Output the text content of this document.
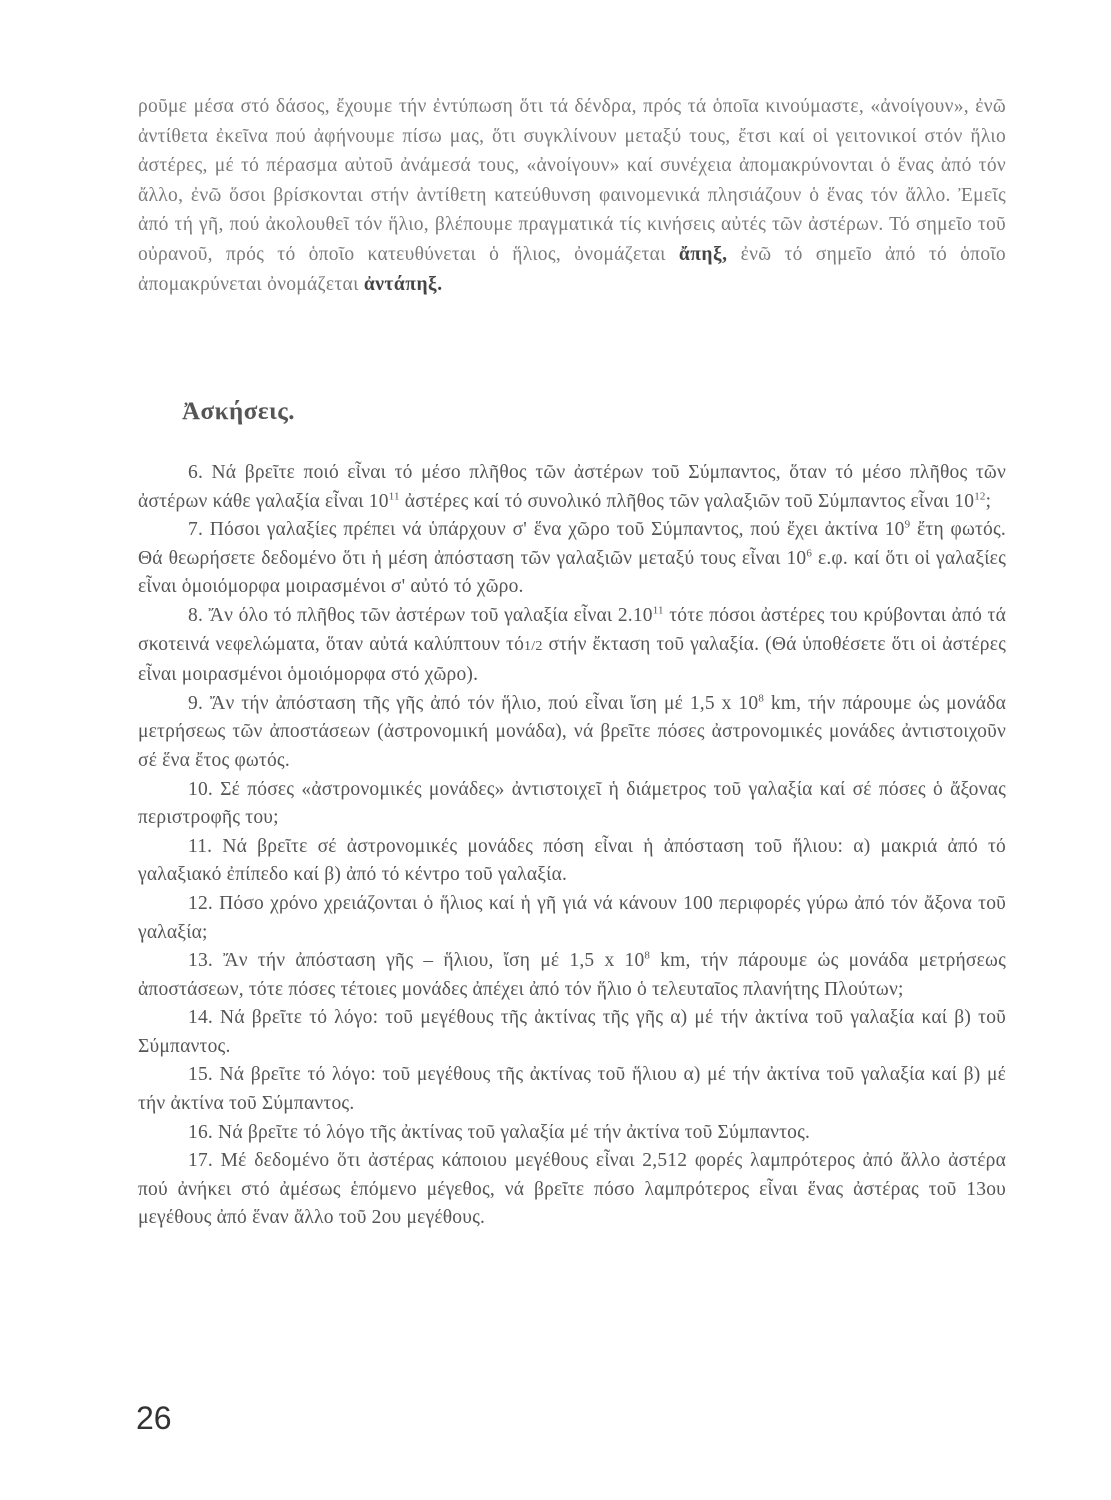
ροῦμε μέσα στό δάσος, ἔχουμε τήν ἐντύπωση ὅτι τά δένδρα, πρός τά ὁποῖα κινούμαστε, «ἀνοίγουν», ἐνῶ ἀντίθετα ἐκεῖνα πού ἀφήνουμε πίσω μας, ὅτι συγκλίνουν μεταξύ τους, ἔτσι καί οἱ γειτονικοί στόν ἥλιο ἀστέρες, μέ τό πέρασμα αὐτοῦ ἀνάμεσά τους, «ἀνοίγουν» καί συνέχεια ἀπομακρύνονται ὁ ἕνας ἀπό τόν ἄλλο, ἐνῶ ὅσοι βρίσκονται στήν ἀντίθετη κατεύθυνση φαινομενικά πλησιάζουν ὁ ἕνας τόν ἄλλο. Ἐμεῖς ἀπό τή γῆ, πού ἀκολουθεῖ τόν ἥλιο, βλέπουμε πραγματικά τίς κινήσεις αὐτές τῶν ἀστέρων. Τό σημεῖο τοῦ οὐρανοῦ, πρός τό ὁποῖο κατευθύνεται ὁ ἥλιος, ὀνομάζεται ἄπηξ, ἐνῶ τό σημεῖο ἀπό τό ὁποῖο ἀπομακρύνεται ὀνομάζεται ἀντάπηξ.
Ἀσκήσεις.

6. Νά βρεῖτε ποιό εἶναι τό μέσο πλῆθος τῶν ἀστέρων τοῦ Σύμπαντος, ὅταν τό μέσο πλῆθος τῶν ἀστέρων κάθε γαλαξία εἶναι $10^{11}$ ἀστέρες καί τό συνολικό πλῆθος τῶν γαλαξιῶν τοῦ Σύμπαντος εἶναι $10^{12}$;

7. Πόσοι γαλαξίες πρέπει νά ὑπάρχουν σ' ἕνα χῶρο τοῦ Σύμπαντος, πού ἔχει ἀκτίνα $10^9$ ἔτη φωτός. Θά θεωρήσετε δεδομένο ὅτι ἡ μέση ἀπόσταση τῶν γαλαξιῶν μεταξύ τους εἶναι $10^6$ ε.φ. καί ὅτι οἱ γαλαξίες εἶναι ὁμοιόμορφα μοιρασμένοι σ' αὐτό τό χῶρο.

8. Ἄν όλο τό πλῆθος τῶν ἀστέρων τοῦ γαλαξία εἶναι 2.10$^{11}$ τότε πόσοι ἀστέρες του κρύβονται ἀπό τά σκοτεινά νεφελώματα, ὅταν αὐτά καλύπτουν τό1/2 στήν ἔκταση τοῦ γαλαξία. (Θά ὑποθέσετε ὅτι οἱ ἀστέρες εἶναι μοιρασμένοι ὁμοιόμορφα στό χῶρο).

9. Ἄν τήν ἀπόσταση τῆς γῆς ἀπό τόν ἥλιο, πού εἶναι ἴση μέ 1,5 x $10^8$ km, τήν πάρουμε ὡς μονάδα μετρήσεως τῶν ἀποστάσεων (ἀστρονομική μονάδα), νά βρεῖτε πόσες ἀστρονομικές μονάδες ἀντιστοιχοῦν σέ ἕνα ἔτος φωτός.

10. Σέ πόσες «ἀστρονομικές μονάδες» ἀντιστοιχεῖ ἡ διάμετρος τοῦ γαλαξία καί σέ πόσες ὁ ἄξονας περιστροφῆς του;

11. Νά βρεῖτε σέ ἀστρονομικές μονάδες πόση εἶναι ἡ ἀπόσταση τοῦ ἥλιου: α) μακριά ἀπό τό γαλαξιακό ἐπίπεδο καί β) ἀπό τό κέντρο τοῦ γαλαξία.

12. Πόσο χρόνο χρειάζονται ὁ ἥλιος καί ἡ γῆ γιά νά κάνουν 100 περιφορές γύρω ἀπό τόν ἄξονα τοῦ γαλαξία;

13. Ἄν τήν ἀπόσταση γῆς – ἥλιου, ἴση μέ 1,5 x $10^8$ km, τήν πάρουμε ὡς μονάδα μετρήσεως ἀποστάσεων, τότε πόσες τέτοιες μονάδες ἀπέχει ἀπό τόν ἥλιο ὁ τελευταῖος πλανήτης Πλούτων;

14. Νά βρεῖτε τό λόγο: τοῦ μεγέθους τῆς ἀκτίνας τῆς γῆς α) μέ τήν ἀκτίνα τοῦ γαλαξία καί β) τοῦ Σύμπαντος.

15. Νά βρεῖτε τό λόγο: τοῦ μεγέθους τῆς ἀκτίνας τοῦ ἥλιου α) μέ τήν ἀκτίνα τοῦ γαλαξία καί β) μέ τήν ἀκτίνα τοῦ Σύμπαντος.

16. Νά βρεῖτε τό λόγο τῆς ἀκτίνας τοῦ γαλαξία μέ τήν ἀκτίνα τοῦ Σύμπαντος.

17. Μέ δεδομένο ὅτι ἀστέρας κάποιου μεγέθους εἶναι 2,512 φορές λαμπρότερος ἀπό ἄλλο ἀστέρα πού ἀνήκει στό ἀμέσως ἑπόμενο μέγεθος, νά βρεῖτε πόσο λαμπρότερος εἶναι ἕνας ἀστέρας τοῦ 13ου μεγέθους ἀπό ἕναν ἄλλο τοῦ 2ου μεγέθους.

26
